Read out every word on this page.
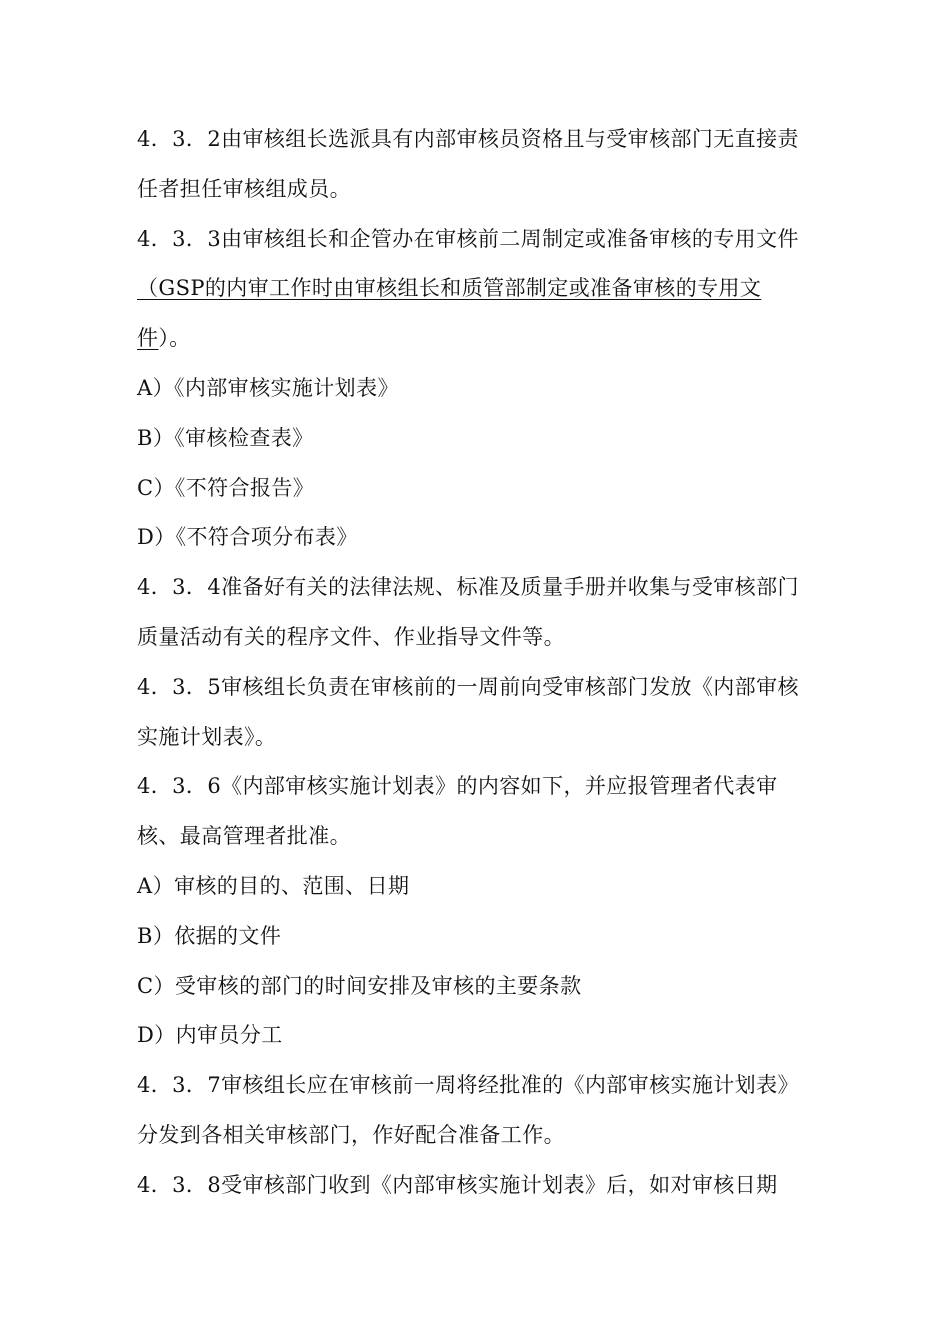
4．3．2由审核组长选派具有内部审核员资格且与受审核部门无直接责任者担任审核组成员。

4．3．3由审核组长和企管办在审核前二周制定或准备审核的专用文件（GSP的内审工作时由审核组长和质管部制定或准备审核的专用文件）。

A）《内部审核实施计划表》

B）《审核检查表》

C）《不符合报告》

D）《不符合项分布表》

4．3．4准备好有关的法律法规、标准及质量手册并收集与受审核部门质量活动有关的程序文件、作业指导文件等。

4．3．5审核组长负责在审核前的一周前向受审核部门发放《内部审核实施计划表》。

4．3．6《内部审核实施计划表》的内容如下，并应报管理者代表审核、最高管理者批准。

A）审核的目的、范围、日期

B）依据的文件

C）受审核的部门的时间安排及审核的主要条款

D）内审员分工

4．3．7审核组长应在审核前一周将经批准的《内部审核实施计划表》分发到各相关审核部门，作好配合准备工作。

4．3．8受审核部门收到《内部审核实施计划表》后，如对审核日期
